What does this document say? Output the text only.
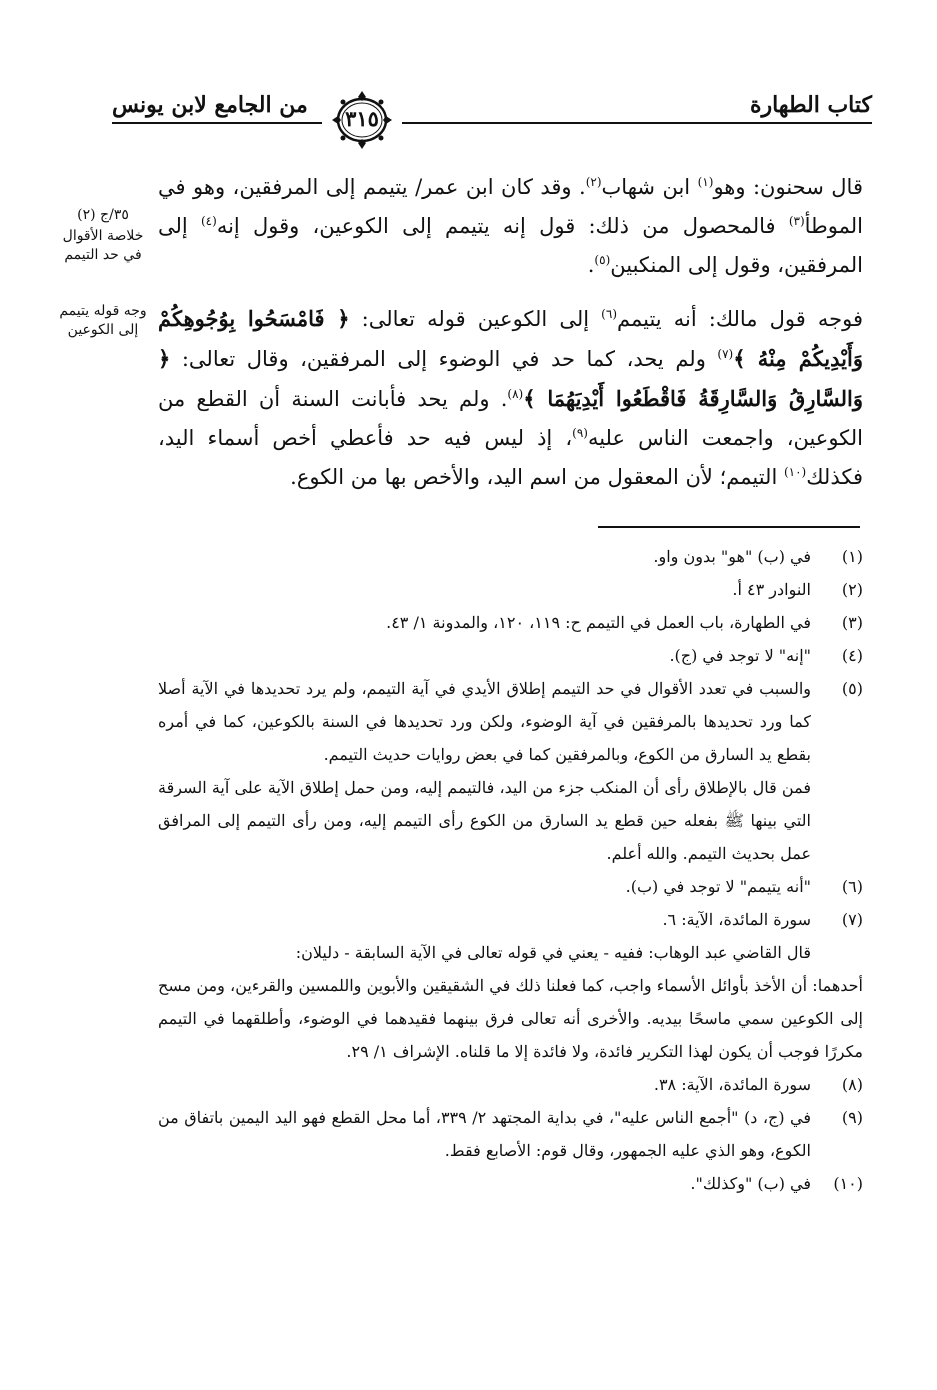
من الجامع لابن يونس
٣١٥
كتاب الطهارة
٣٥/ج (٢)
خلاصة الأقوال في حد التيمم
وجه قوله يتيمم إلى الكوعين

قال سحنون: وهو$^{(١)}$ ابن شهاب$^{(٢)}$. وقد كان ابن عمر/ يتيمم إلى المرفقين، وهو في الموطأ$^{(٣)}$ فالمحصول من ذلك: قول إنه يتيمم إلى الكوعين، وقول إنه$^{(٤)}$ إلى المرفقين، وقول إلى المنكبين$^{(٥)}$.

فوجه قول مالك: أنه يتيمم$^{(٦)}$ إلى الكوعين قوله تعالى: ﴿ فَامْسَحُوا بِوُجُوهِكُمْ وَأَيْدِيكُمْ مِنْهُ ﴾$^{(٧)}$ ولم يحد، كما حد في الوضوء إلى المرفقين، وقال تعالى: ﴿ وَالسَّارِقُ وَالسَّارِقَةُ فَاقْطَعُوا أَيْدِيَهُمَا ﴾$^{(٨)}$. ولم يحد فأبانت السنة أن القطع من الكوعين، واجمعت الناس عليه$^{(٩)}$، إذ ليس فيه حد فأعطي أخص أسماء اليد، فكذلك$^{(١٠)}$ التيمم؛ لأن المعقول من اسم اليد، والأخص بها من الكوع.

(١)
في (ب) "هو" بدون واو.
(٢)
النوادر ٤٣ أ.
(٣)
في الطهارة، باب العمل في التيمم ح: ١١٩، ١٢٠، والمدونة ١/ ٤٣.
(٤)
"إنه" لا توجد في (ج).
(٥)
والسبب في تعدد الأقوال في حد التيمم إطلاق الأيدي في آية التيمم، ولم يرد تحديدها في الآية أصلا كما ورد تحديدها بالمرفقين في آية الوضوء، ولكن ورد تحديدها في السنة بالكوعين، كما في أمره بقطع يد السارق من الكوع، وبالمرفقين كما في بعض روايات حديث التيمم.
فمن قال بالإطلاق رأى أن المنكب جزء من اليد، فالتيمم إليه، ومن حمل إطلاق الآية على آية السرقة التي بينها ﷺ بفعله حين قطع يد السارق من الكوع رأى التيمم إليه، ومن رأى التيمم إلى المرافق عمل بحديث التيمم. والله أعلم.
(٦)
"أنه يتيمم" لا توجد في (ب).
(٧)
سورة المائدة، الآية: ٦.
قال القاضي عبد الوهاب: ففيه - يعني في قوله تعالى في الآية السابقة - دليلان:
أحدهما: أن الأخذ بأوائل الأسماء واجب، كما فعلنا ذلك في الشقيقين والأبوين واللمسين والقرءين، ومن مسح إلى الكوعين سمي ماسحًا بيديه. والأخرى أنه تعالى فرق بينهما فقيدهما في الوضوء، وأطلقهما في التيمم مكررًا فوجب أن يكون لهذا التكرير فائدة، ولا فائدة إلا ما قلناه. الإشراف ١/ ٢٩.
(٨)
سورة المائدة، الآية: ٣٨.
(٩)
في (ج، د) "أجمع الناس عليه"، في بداية المجتهد ٢/ ٣٣٩، أما محل القطع فهو اليد اليمين باتفاق من الكوع، وهو الذي عليه الجمهور، وقال قوم: الأصابع فقط.
(١٠)
في (ب) "وكذلك".
